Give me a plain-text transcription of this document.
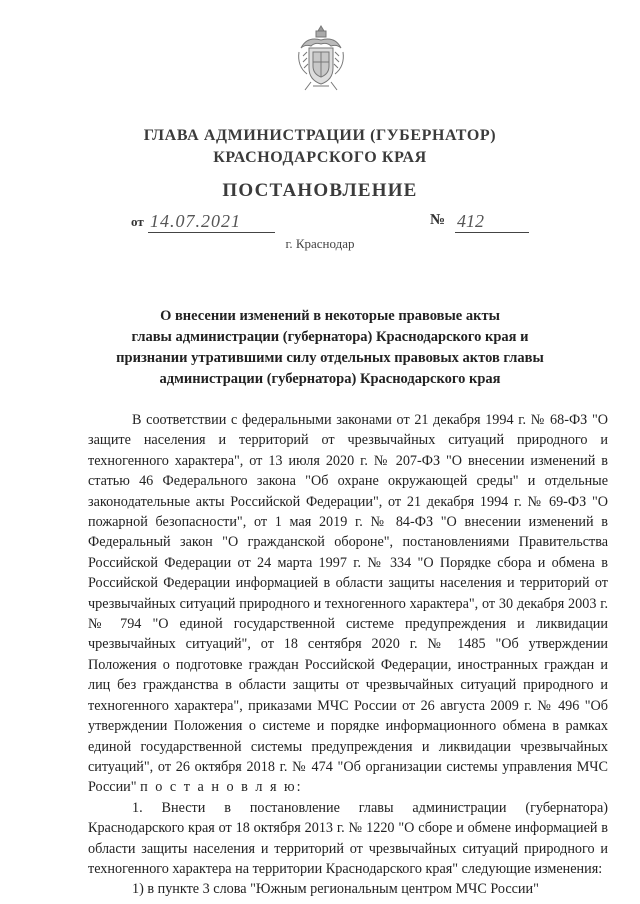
ГЛАВА АДМИНИСТРАЦИИ (ГУБЕРНАТОР)
КРАСНОДАРСКОГО КРАЯ
ПОСТАНОВЛЕНИЕ
от 14.07.2021	№ 412
г. Краснодар
О внесении изменений в некоторые правовые акты
главы администрации (губернатора) Краснодарского края и
признании утратившими силу отдельных правовых актов главы
администрации (губернатора) Краснодарского края

В соответствии с федеральными законами от 21 декабря 1994 г. № 68-ФЗ "О защите населения и территорий от чрезвычайных ситуаций природного и техногенного характера", от 13 июля 2020 г. № 207-ФЗ "О внесении изменений в статью 46 Федерального закона "Об охране окружающей среды" и отдельные законодательные акты Российской Федерации", от 21 декабря 1994 г. № 69-ФЗ "О пожарной безопасности", от 1 мая 2019 г. № 84-ФЗ "О внесении изменений в Федеральный закон "О гражданской обороне", постановлениями Правительства Российской Федерации от 24 марта 1997 г. № 334 "О Порядке сбора и обмена в Российской Федерации информацией в области защиты населения и территорий от чрезвычайных ситуаций природного и техногенного характера", от 30 декабря 2003 г. № 794 "О единой государственной системе предупреждения и ликвидации чрезвычайных ситуаций", от 18 сентября 2020 г. № 1485 "Об утверждении Положения о подготовке граждан Российской Федерации, иностранных граждан и лиц без гражданства в области защиты от чрезвычайных ситуаций природного и техногенного характера", приказами МЧС России от 26 августа 2009 г. № 496 "Об утверждении Положения о системе и порядке информационного обмена в рамках единой государственной системы предупреждения и ликвидации чрезвычайных ситуаций", от 26 октября 2018 г. № 474 "Об организации системы управления МЧС России" п о с т а н о в л я ю:

1. Внести в постановление главы администрации (губернатора) Краснодарского края от 18 октября 2013 г. № 1220 "О сборе и обмене информацией в области защиты населения и территорий от чрезвычайных ситуаций природного и техногенного характера на территории Краснодарского края" следующие изменения:

1) в пункте 3 слова "Южным региональным центром МЧС России"
